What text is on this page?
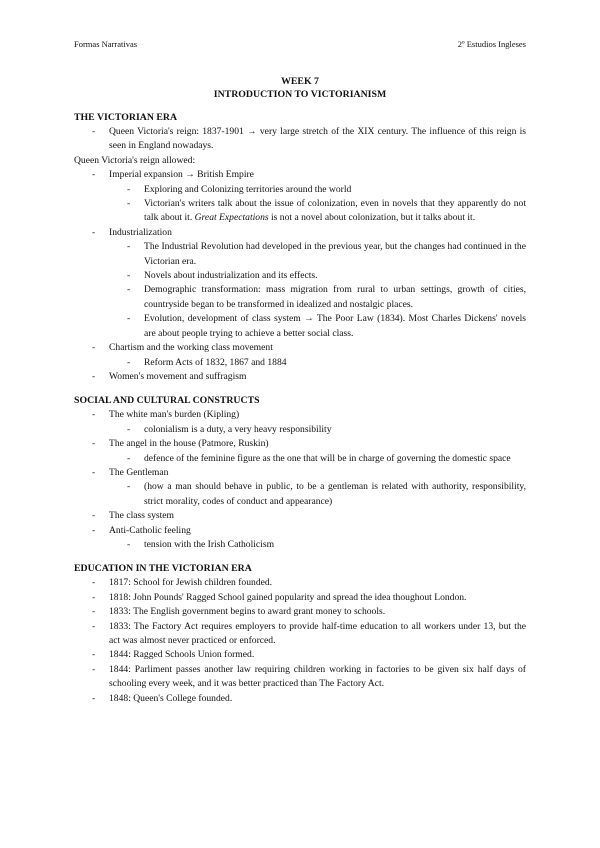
Formas Narrativas	2º Estudios Ingleses
WEEK 7
INTRODUCTION TO VICTORIANISM
THE VICTORIAN ERA
- Queen Victoria's reign: 1837-1901 → very large stretch of the XIX century. The influence of this reign is seen in England nowadays.
Queen Victoria's reign allowed:
- Imperial expansion → British Empire
- Exploring and Colonizing territories around the world
- Victorian's writers talk about the issue of colonization, even in novels that they apparently do not talk about it. Great Expectations is not a novel about colonization, but it talks about it.
- Industrialization
- The Industrial Revolution had developed in the previous year, but the changes had continued in the Victorian era.
- Novels about industrialization and its effects.
- Demographic transformation: mass migration from rural to urban settings, growth of cities, countryside began to be transformed in idealized and nostalgic places.
- Evolution, development of class system → The Poor Law (1834). Most Charles Dickens' novels are about people trying to achieve a better social class.
- Chartism and the working class movement
- Reform Acts of 1832, 1867 and 1884
- Women's movement and suffragism
SOCIAL AND CULTURAL CONSTRUCTS
- The white man's burden (Kipling)
- colonialism is a duty, a very heavy responsibility
- The angel in the house (Patmore, Ruskin)
- defence of the feminine figure as the one that will be in charge of governing the domestic space
- The Gentleman
- (how a man should behave in public, to be a gentleman is related with authority, responsibility, strict morality, codes of conduct and appearance)
- The class system
- Anti-Catholic feeling
- tension with the Irish Catholicism
EDUCATION IN THE VICTORIAN ERA
- 1817: School for Jewish children founded.
- 1818: John Pounds' Ragged School gained popularity and spread the idea thoughout London.
- 1833: The English government begins to award grant money to schools.
- 1833: The Factory Act requires employers to provide half-time education to all workers under 13, but the act was almost never practiced or enforced.
- 1844: Ragged Schools Union formed.
- 1844: Parliment passes another law requiring children working in factories to be given six half days of schooling every week, and it was better practiced than The Factory Act.
- 1848: Queen's College founded.
